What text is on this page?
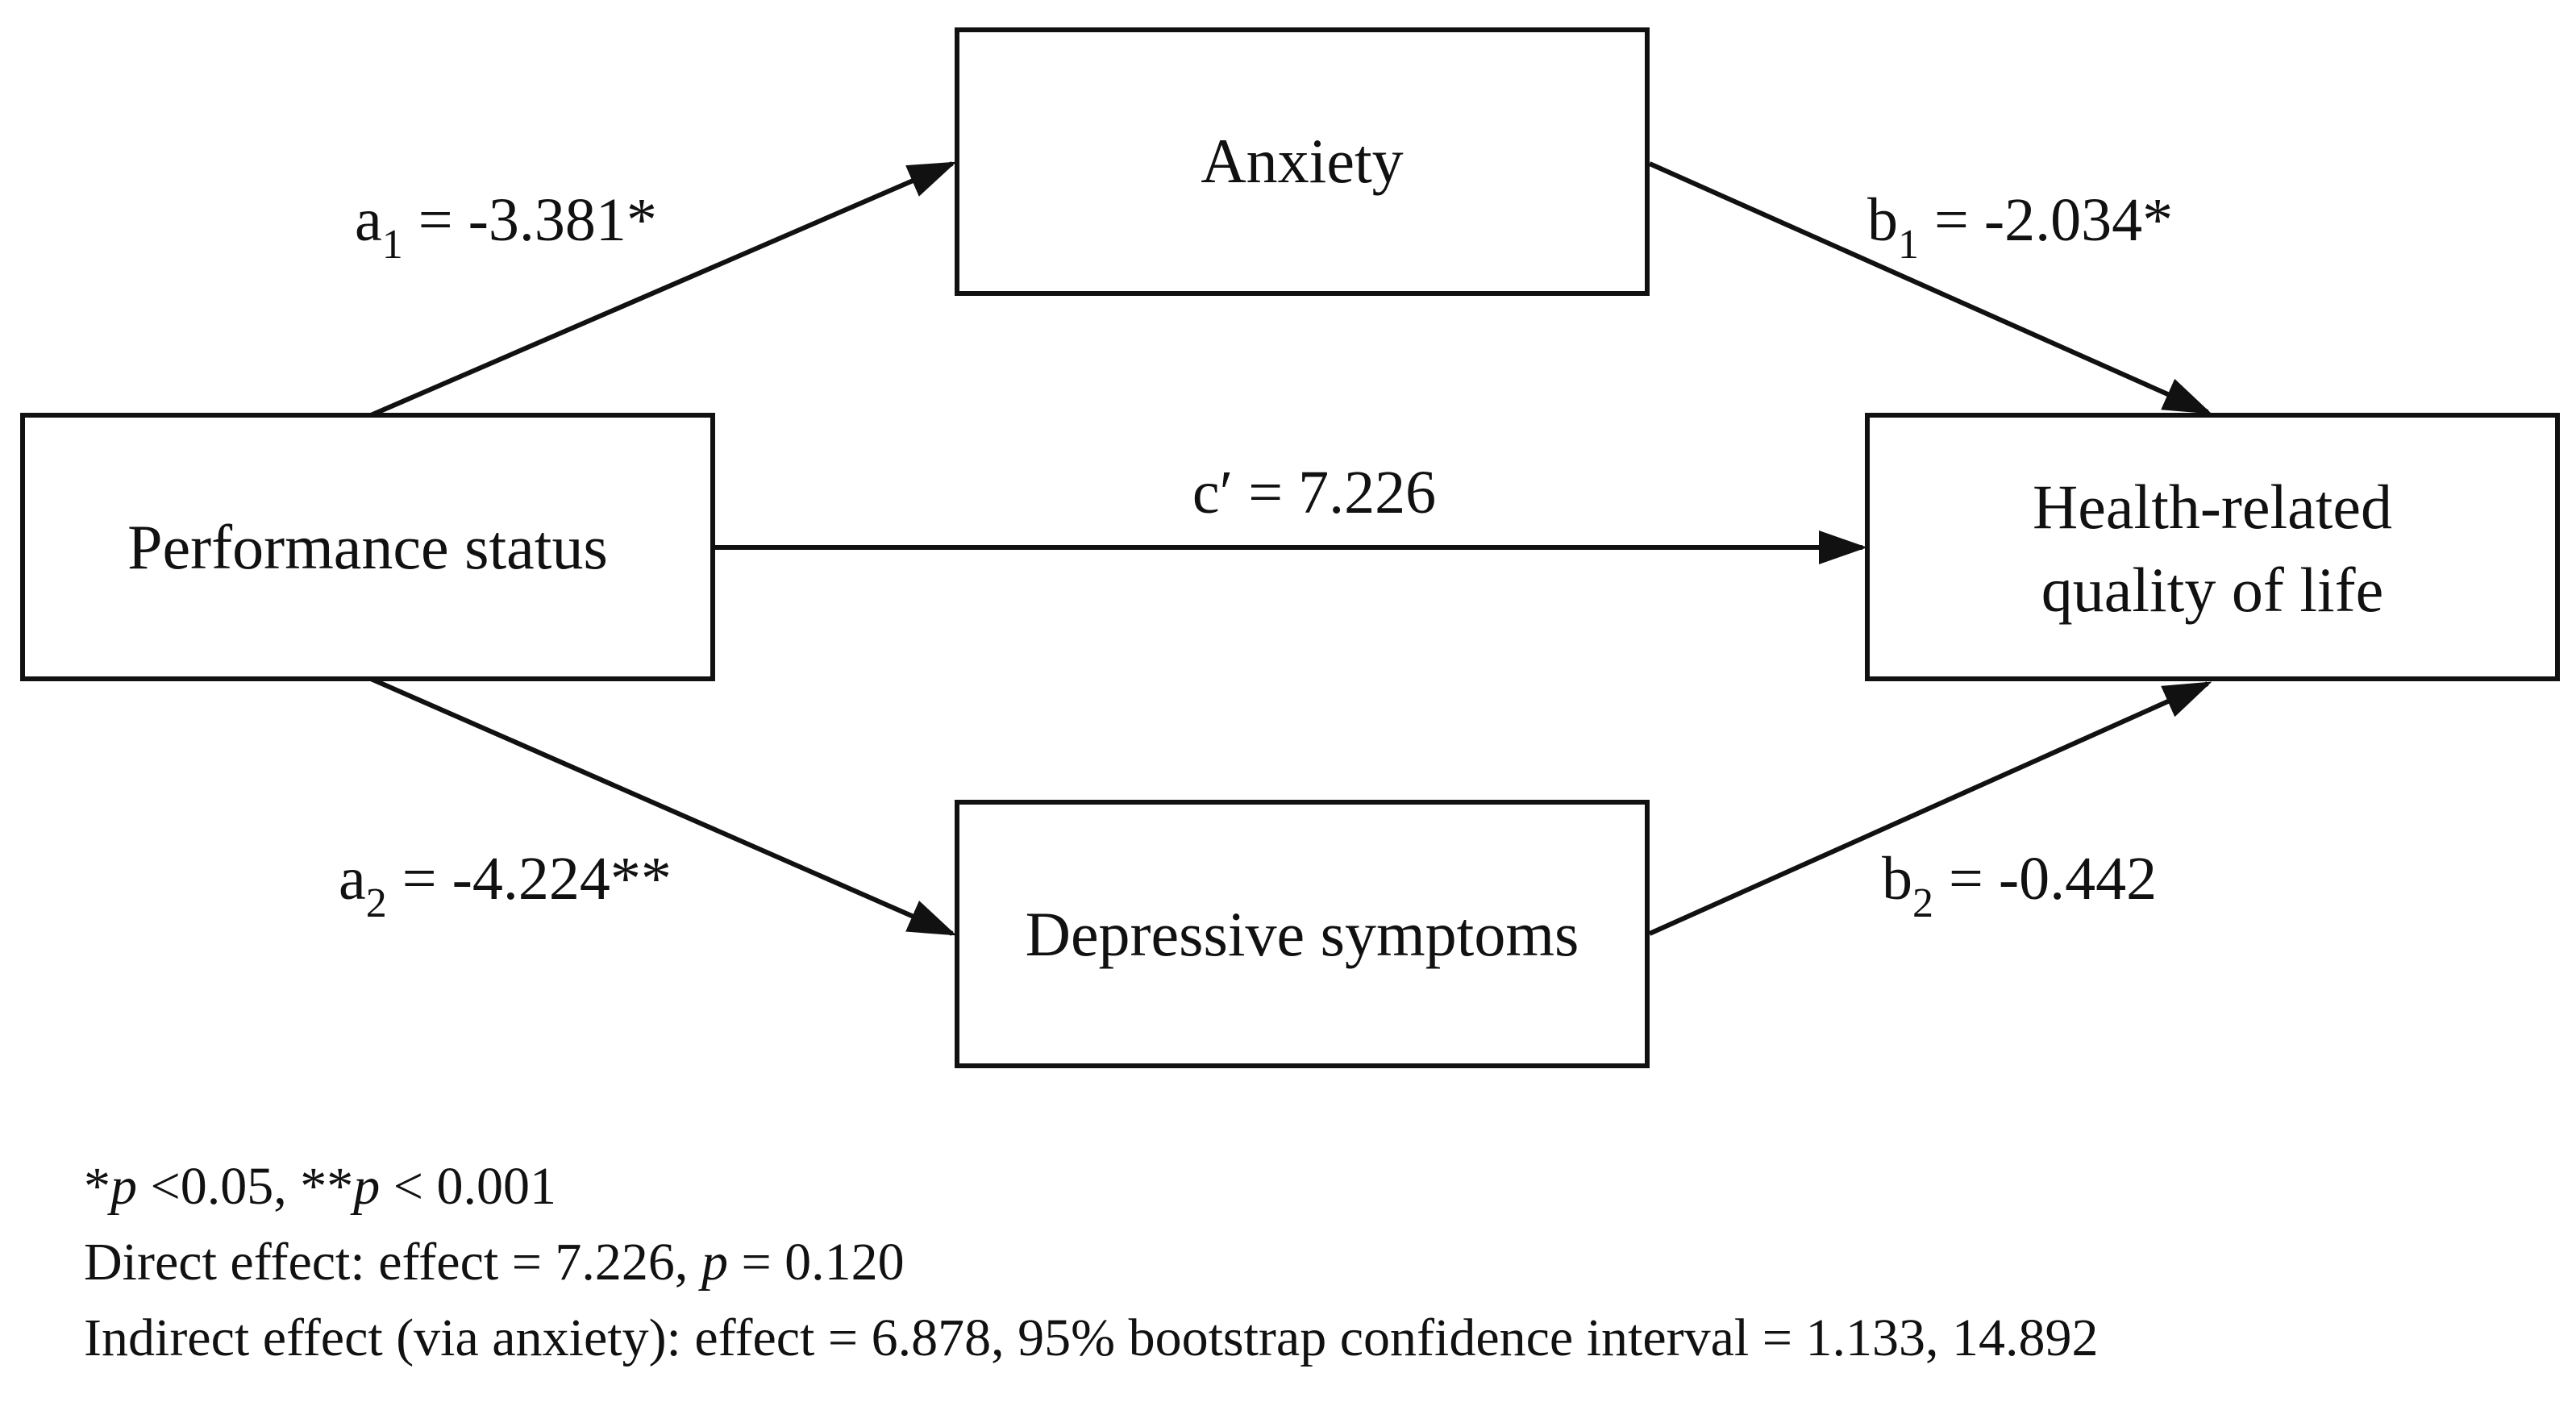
Performance status
Anxiety
Depressive symptoms
Health-related
quality of life
$a_1 = -3.381*$	$b_1 = -2.034*$
c′ = 7.226
$a_2 = -4.224**$	$b_2 = -0.442$
*p <0.05, **p < 0.001
Direct effect: effect = 7.226, p = 0.120
Indirect effect (via anxiety): effect = 6.878, 95% bootstrap confidence interval = 1.133, 14.892
